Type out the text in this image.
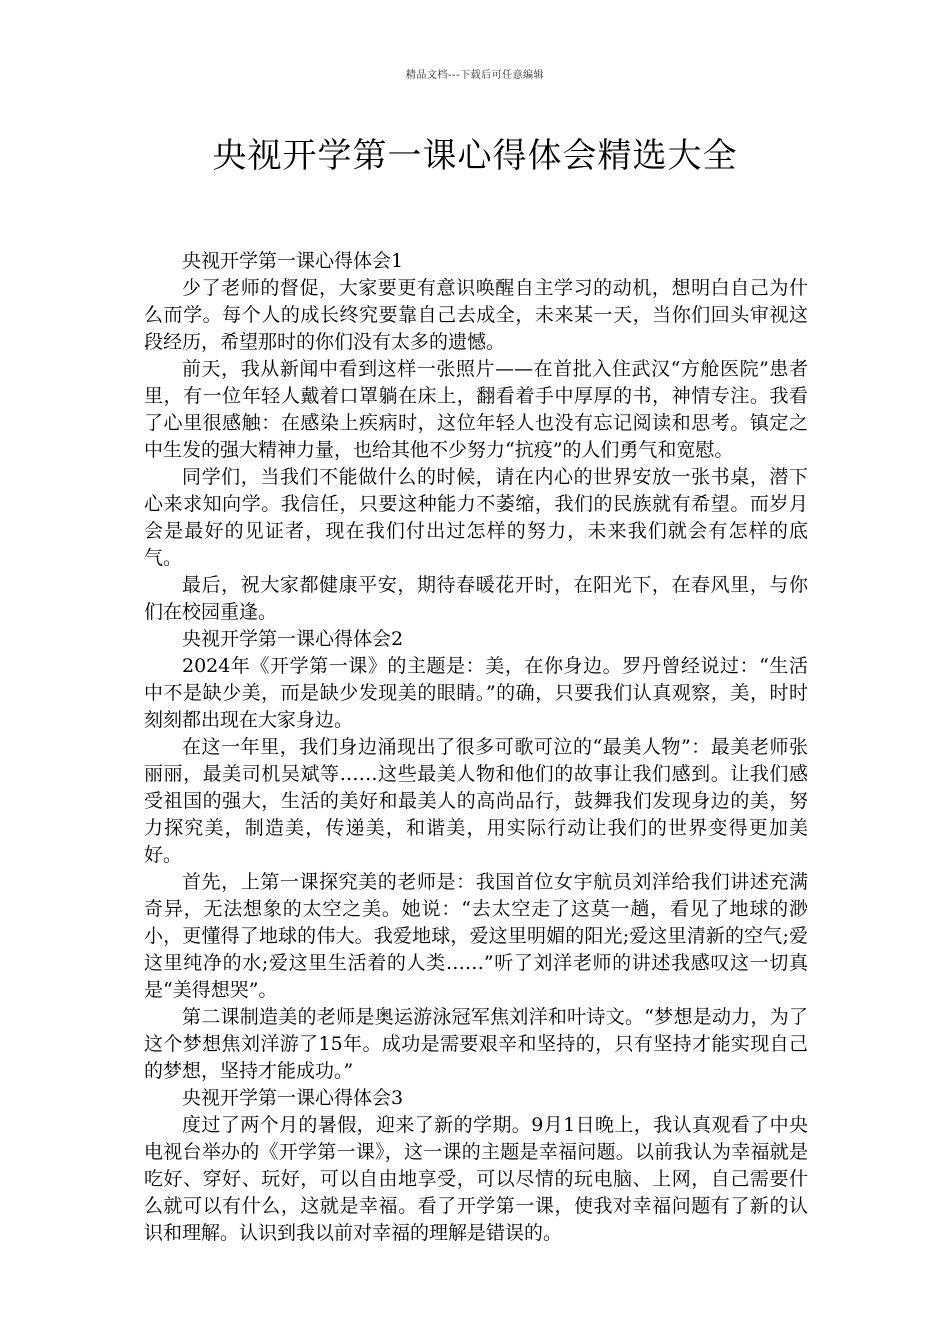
精品文档---下载后可任意编辑
央视开学第一课心得体会精选大全

央视开学第一课心得体会1

少了老师的督促，大家要更有意识唤醒自主学习的动机，想明白自己为什么而学。每个人的成长终究要靠自己去成全，未来某一天，当你们回头审视这段经历，希望那时的你们没有太多的遗憾。

前天，我从新闻中看到这样一张照片——在首批入住武汉“方舱医院”患者里，有一位年轻人戴着口罩躺在床上，翻看着手中厚厚的书，神情专注。我看了心里很感触：在感染上疾病时，这位年轻人也没有忘记阅读和思考。镇定之中生发的强大精神力量，也给其他不少努力“抗疫”的人们勇气和宽慰。

同学们，当我们不能做什么的时候，请在内心的世界安放一张书桌，潜下心来求知向学。我信任，只要这种能力不萎缩，我们的民族就有希望。而岁月会是最好的见证者，现在我们付出过怎样的努力，未来我们就会有怎样的底气。

最后，祝大家都健康平安，期待春暖花开时，在阳光下，在春风里，与你们在校园重逢。

央视开学第一课心得体会2

2024年《开学第一课》的主题是：美，在你身边。罗丹曾经说过：“生活中不是缺少美，而是缺少发现美的眼睛。”的确，只要我们认真观察，美，时时刻刻都出现在大家身边。

在这一年里，我们身边涌现出了很多可歌可泣的“最美人物”：最美老师张丽丽，最美司机吴斌等……这些最美人物和他们的故事让我们感到。让我们感受祖国的强大，生活的美好和最美人的高尚品行，鼓舞我们发现身边的美，努力探究美，制造美，传递美，和谐美，用实际行动让我们的世界变得更加美好。

首先，上第一课探究美的老师是：我国首位女宇航员刘洋给我们讲述充满奇异，无法想象的太空之美。她说：“去太空走了这莫一趟，看见了地球的渺小，更懂得了地球的伟大。我爱地球，爱这里明媚的阳光;爱这里清新的空气;爱这里纯净的水;爱这里生活着的人类……”听了刘洋老师的讲述我感叹这一切真是“美得想哭”。

第二课制造美的老师是奥运游泳冠军焦刘洋和叶诗文。“梦想是动力，为了这个梦想焦刘洋游了15年。成功是需要艰辛和坚持的，只有坚持才能实现自己的梦想，坚持才能成功。”

央视开学第一课心得体会3

度过了两个月的暑假，迎来了新的学期。9月1日晚上，我认真观看了中央电视台举办的《开学第一课》，这一课的主题是幸福问题。以前我认为幸福就是吃好、穿好、玩好，可以自由地享受，可以尽情的玩电脑、上网，自己需要什么就可以有什么，这就是幸福。看了开学第一课，使我对幸福问题有了新的认识和理解。认识到我以前对幸福的理解是错误的。
